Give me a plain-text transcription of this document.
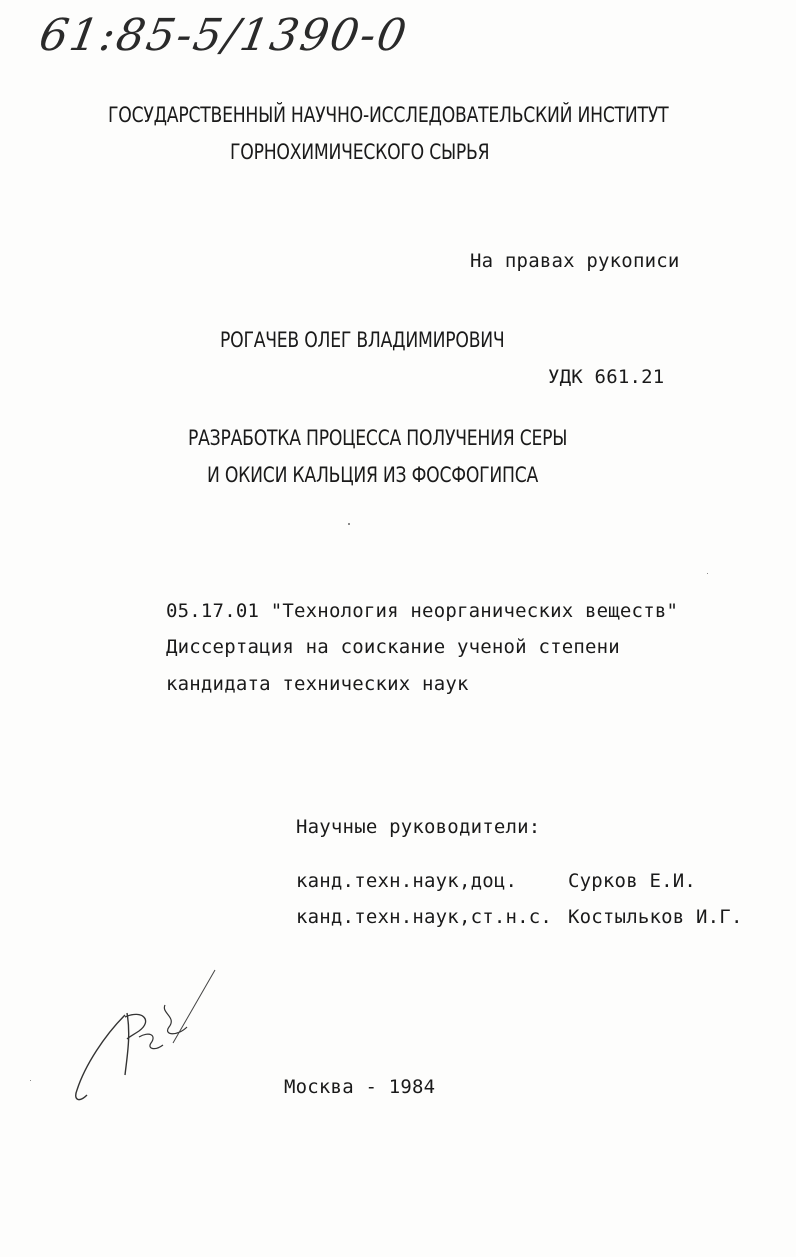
61:85-5/1390-0
ГОСУДАРСТВЕННЫЙ НАУЧНО-ИССЛЕДОВАТЕЛЬСКИЙ ИНСТИТУТ
ГОРНОХИМИЧЕСКОГО СЫРЬЯ
На правах рукописи
РОГАЧЕВ ОЛЕГ ВЛАДИМИРОВИЧ
УДК 661.21
РАЗРАБОТКА ПРОЦЕССА ПОЛУЧЕНИЯ СЕРЫ
И ОКИСИ КАЛЬЦИЯ ИЗ ФОСФОГИПСА
05.17.01 "Технология неорганических веществ"
Диссертация на соискание ученой степени
кандидата технических наук
Научные руководители:
канд.техн.наук,доц.	Сурков Е.И.
канд.техн.наук,ст.н.с. Костыльков И.Г.
Москва - 1984
